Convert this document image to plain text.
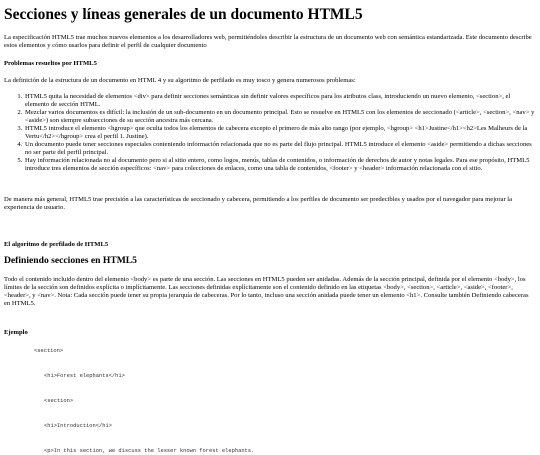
Secciones y líneas generales de un documento HTML5

La especificación HTML5 trae muchos nuevos elementos a los desarrolladores web, permitiéndoles describir la estructura de un documento web con semántica estandarizada. Este documento describe estos elementos y cómo usarlos para definir el perfil de cualquier documento

Problemas resueltos por HTML5

La definición de la estructura de un documento en HTML 4 y su algoritmo de perfilado es muy tosco y genera numerosos problemas:

1. HTML5 quita la necesidad de elementos <div> para definir secciones semánticas sin definir valores específicos para los atributos class, introduciendo un nuevo elemento, <section>, el elemento de sección HTML.
2. Mezclar varios documentos es difícil: la inclusión de un sub-documento en un documento principal. Esto se resuelve en HTML5 con los elementos de seccionado (<article>, <section>, <nav> y <aside>) son siempre subsecciones de su sección ancestra más cercana.
3. HTML5 introduce el elemento <hgroup> que oculta todos los elementos de cabecera excepto el primero de más alto rango (por ejemplo, <hgroup> <h1>Justine</h1><h2>Les Malheurs de la Vertu</h2></hgroup> crea el perfil 1. Justine).
4. Un documento puede tener secciones especiales conteniendo información relacionada que no es parte del flujo principal. HTML5 introduce el elemento <aside> permitiendo a dichas secciones no ser parte del perfil principal.
5. Hay información relacionada no al documento pero si al sitio entero, como logos, menús, tablas de contenidos, o información de derechos de autor y notas legales. Para ese propósito, HTML5 introduce tres elementos de sección específicos: <nav> para colecciones de enlaces, como una tabla de contenidos, <footer> y <header> información relacionada con el sitio.

De manera más general, HTML5 trae precisión a las características de seccionado y cabecera, permitiendo a los perfiles de documento ser predecibles y usados por el navegador para mejorar la experiencia de usuario.

El algoritmo de perfilado de HTML5
Definiendo secciones en HTML5

Todo el contenido incluido dentro del elemento <body> es parte de una sección. Las secciones en HTML5 pueden ser anidadas. Además de la sección principal, definida por el elemento <body>, los límites de la sección son definidos explícita o implícitamente. Las secciones definidas explícitamente son el contenido definido en las etiquetas <body>, <section>, <article>, <aside>, <footer>, <header>, y <nav>. Nota: Cada sección puede tener su propia jerarquía de cabeceras. Por lo tanto, incluso una sección anidada puede tener un elemento <h1>. Consulte también Definiendo cabeceras en HTML5.

Ejemplo
<section>
<h1>Forest elephants</h1>
<section>
<h1>Introduction</h1>
<p>In this section, we discuss the lesser known forest elephants.
